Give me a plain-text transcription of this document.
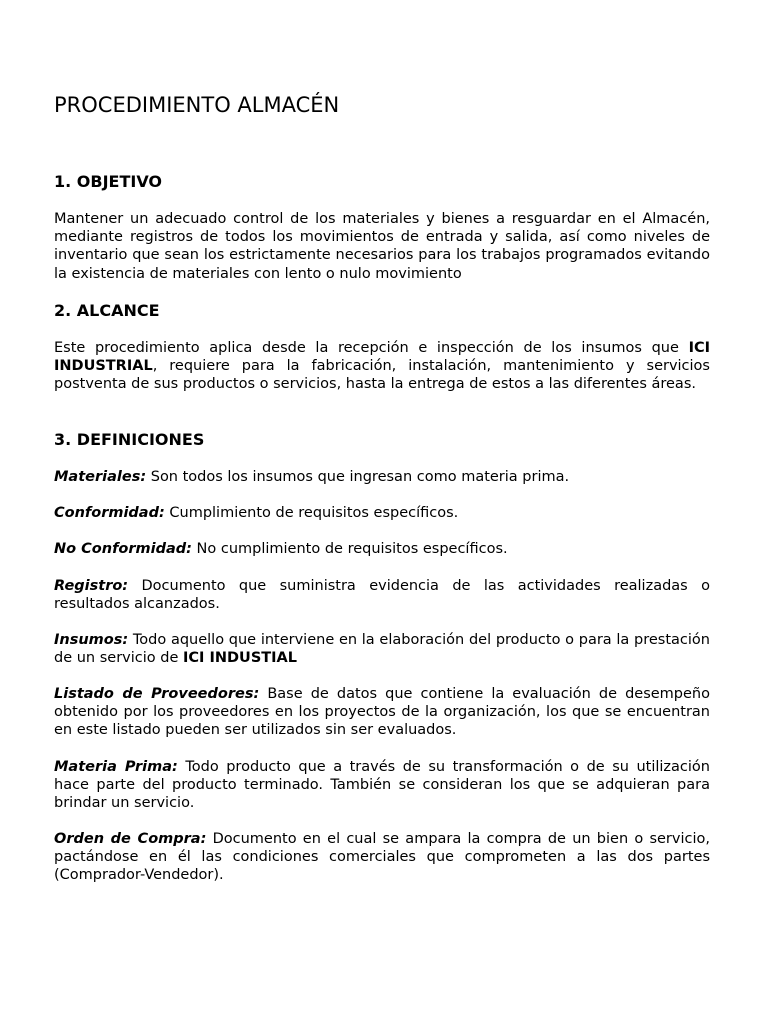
PROCEDIMIENTO ALMACÉN
1. OBJETIVO

Mantener un adecuado control de los materiales y bienes a resguardar en el Almacén, mediante registros de todos los movimientos de entrada y salida, así como niveles de inventario que sean los estrictamente necesarios para los trabajos programados evitando la existencia de materiales con lento o nulo movimiento

2. ALCANCE

Este procedimiento aplica desde la recepción e inspección de los insumos que ICI INDUSTRIAL, requiere para la fabricación, instalación, mantenimiento y servicios postventa de sus productos o servicios, hasta la entrega de estos a las diferentes áreas.

3. DEFINICIONES

Materiales: Son todos los insumos que ingresan como materia prima.

Conformidad: Cumplimiento de requisitos específicos.

No Conformidad: No cumplimiento de requisitos específicos.

Registro: Documento que suministra evidencia de las actividades realizadas o resultados alcanzados.

Insumos: Todo aquello que interviene en la elaboración del producto o para la prestación de un servicio de ICI INDUSTIAL

Listado de Proveedores: Base de datos que contiene la evaluación de desempeño obtenido por los proveedores en los proyectos de la organización, los que se encuentran en este listado pueden ser utilizados sin ser evaluados.

Materia Prima: Todo producto que a través de su transformación o de su utilización hace parte del producto terminado. También se consideran los que se adquieran para brindar un servicio.

Orden de Compra: Documento en el cual se ampara la compra de un bien o servicio, pactándose en él las condiciones comerciales que comprometen a las dos partes (Comprador-Vendedor).
